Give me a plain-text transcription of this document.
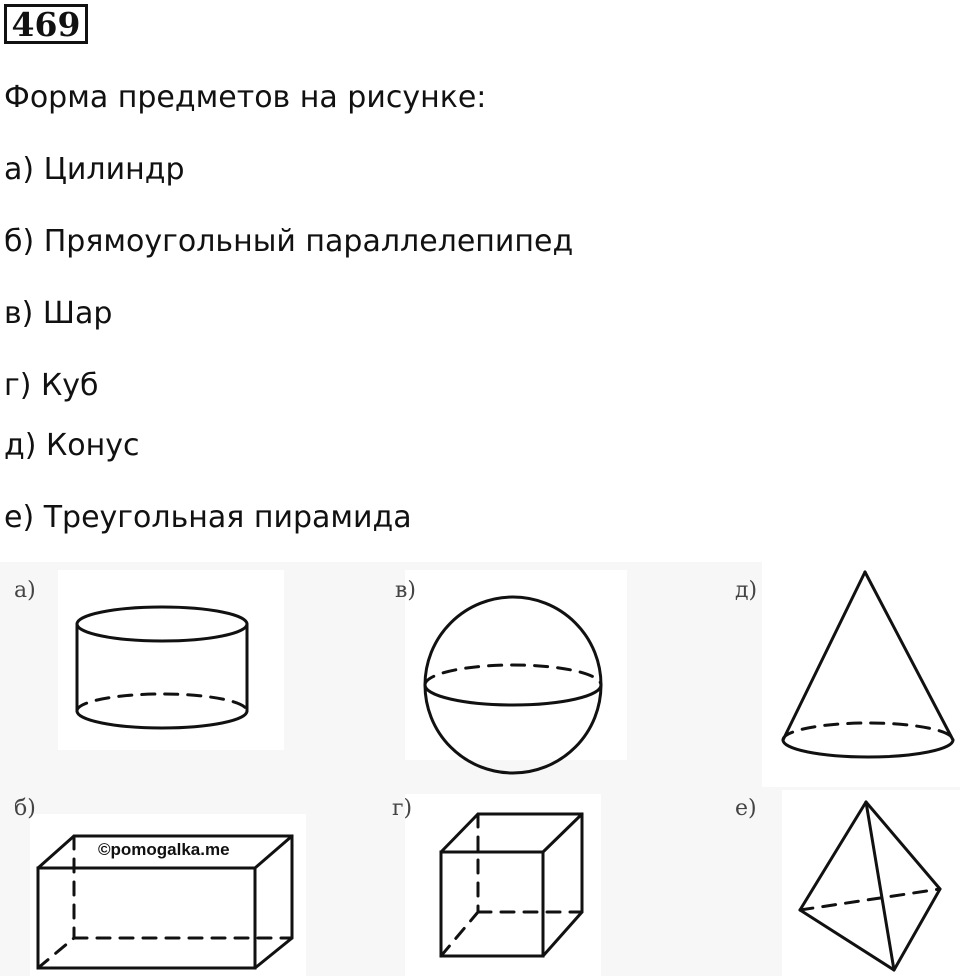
469
Форма предметов на рисунке:
а) Цилиндр
б) Прямоугольный параллелепипед
в) Шар
г) Куб
д) Конус
е) Треугольная пирамида
а)	в)	д)
б)	г)	е)
©pomogalka.me
